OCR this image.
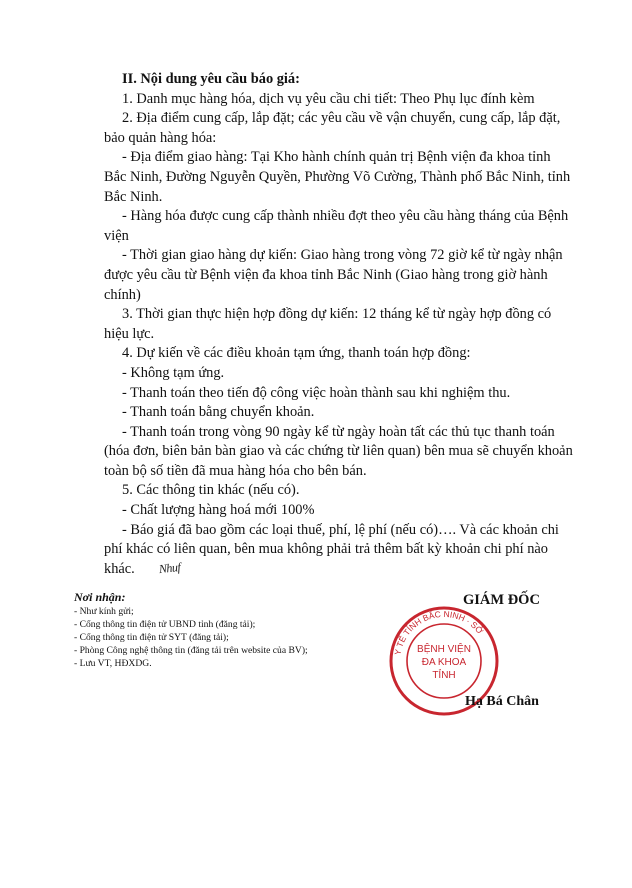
II. Nội dung yêu cầu báo giá:

1. Danh mục hàng hóa, dịch vụ yêu cầu chi tiết: Theo Phụ lục đính kèm

2. Địa điểm cung cấp, lắp đặt; các yêu cầu về vận chuyển, cung cấp, lắp đặt, bảo quản hàng hóa:

- Địa điểm giao hàng: Tại Kho hành chính quản trị Bệnh viện đa khoa tỉnh Bắc Ninh, Đường Nguyễn Quyền, Phường Võ Cường, Thành phố Bắc Ninh, tỉnh Bắc Ninh.

- Hàng hóa được cung cấp thành nhiều đợt theo yêu cầu hàng tháng của Bệnh viện

- Thời gian giao hàng dự kiến: Giao hàng trong vòng 72 giờ kể từ ngày nhận được yêu cầu từ Bệnh viện đa khoa tỉnh Bắc Ninh (Giao hàng trong giờ hành chính)

3. Thời gian thực hiện hợp đồng dự kiến: 12 tháng kể từ ngày hợp đồng có hiệu lực.

4. Dự kiến về các điều khoản tạm ứng, thanh toán hợp đồng:

- Không tạm ứng.

- Thanh toán theo tiến độ công việc hoàn thành sau khi nghiệm thu.

- Thanh toán bằng chuyển khoản.

- Thanh toán trong vòng 90 ngày kể từ ngày hoàn tất các thủ tục thanh toán (hóa đơn, biên bản bàn giao và các chứng từ liên quan) bên mua sẽ chuyển khoản toàn bộ số tiền đã mua hàng hóa cho bên bán.

5. Các thông tin khác (nếu có).

- Chất lượng hàng hoá mới 100%

- Báo giá đã bao gồm các loại thuế, phí, lệ phí (nếu có)…. Và các khoản chi phí khác có liên quan, bên mua không phải trả thêm bất kỳ khoản chi phí nào khác. Nhuf

Nơi nhận:

- Như kính gửi;

- Cổng thông tin điện tử UBND tỉnh (đăng tải);

- Cổng thông tin điện tử SYT (đăng tải);

- Phòng Công nghệ thông tin (đăng tải trên website của BV);

- Lưu VT, HĐXDG.

GIÁM ĐỐC
Y TẾ TỈNH BẮC NINH · SỞ
BỆNH VIỆN
ĐA KHOA
TỈNH
Hạ Bá Chân
